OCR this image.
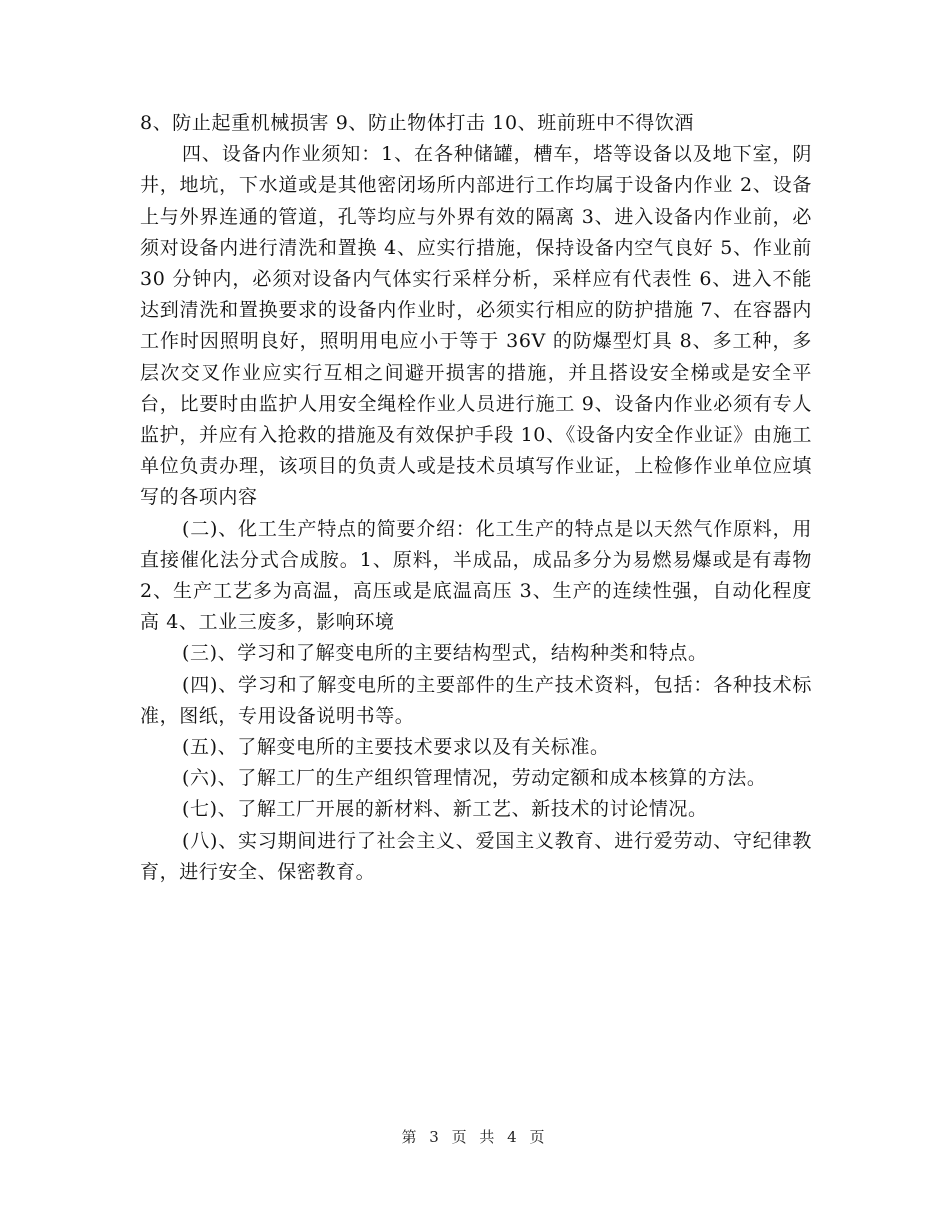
8、防止起重机械损害 9、防止物体打击 10、班前班中不得饮酒

四、设备内作业须知：1、在各种储罐，槽车，塔等设备以及地下室，阴井，地坑，下水道或是其他密闭场所内部进行工作均属于设备内作业 2、设备上与外界连通的管道，孔等均应与外界有效的隔离 3、进入设备内作业前，必须对设备内进行清洗和置换 4、应实行措施，保持设备内空气良好 5、作业前 30 分钟内，必须对设备内气体实行采样分析，采样应有代表性 6、进入不能达到清洗和置换要求的设备内作业时，必须实行相应的防护措施 7、在容器内工作时因照明良好，照明用电应小于等于 36V 的防爆型灯具 8、多工种，多层次交叉作业应实行互相之间避开损害的措施，并且搭设安全梯或是安全平台，比要时由监护人用安全绳栓作业人员进行施工 9、设备内作业必须有专人监护，并应有入抢救的措施及有效保护手段 10、《设备内安全作业证》由施工单位负责办理，该项目的负责人或是技术员填写作业证，上检修作业单位应填写的各项内容

(二)、化工生产特点的简要介绍：化工生产的特点是以天然气作原料，用直接催化法分式合成胺。1、原料，半成品，成品多分为易燃易爆或是有毒物 2、生产工艺多为高温，高压或是底温高压 3、生产的连续性强，自动化程度高 4、工业三废多，影响环境

(三)、学习和了解变电所的主要结构型式，结构种类和特点。

(四)、学习和了解变电所的主要部件的生产技术资料，包括：各种技术标准，图纸，专用设备说明书等。

(五)、了解变电所的主要技术要求以及有关标准。

(六)、了解工厂的生产组织管理情况，劳动定额和成本核算的方法。

(七)、了解工厂开展的新材料、新工艺、新技术的讨论情况。

(八)、实习期间进行了社会主义、爱国主义教育、进行爱劳动、守纪律教育，进行安全、保密教育。

第 3 页 共 4 页
